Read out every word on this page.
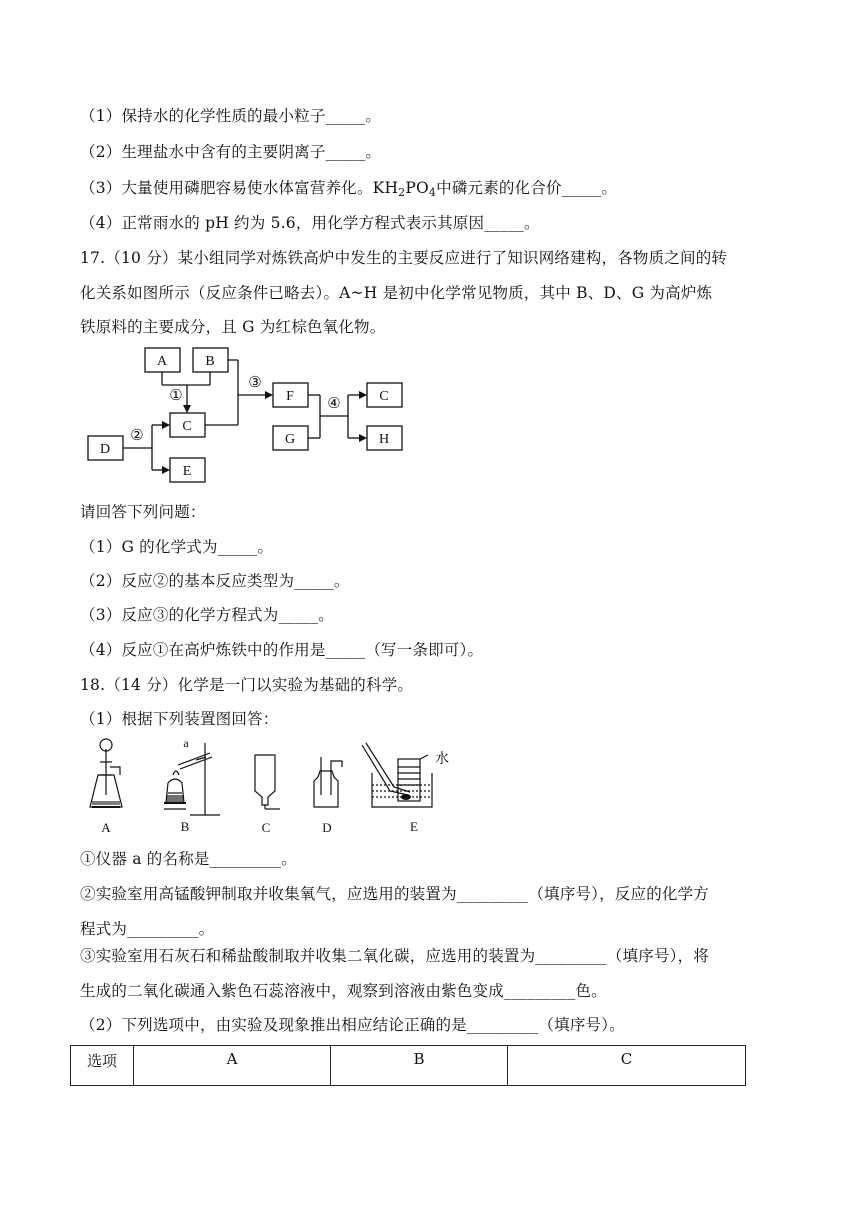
（1）保持水的化学性质的最小粒子_____。
（2）生理盐水中含有的主要阴离子_____。
（3）大量使用磷肥容易使水体富营养化。$KH_2PO_4$中磷元素的化合价_____。
（4）正常雨水的 pH 约为 5.6，用化学方程式表示其原因_____。
17.（10 分）某小组同学对炼铁高炉中发生的主要反应进行了知识网络建构，各物质之间的转
化关系如图所示（反应条件已略去）。A~H 是初中化学常见物质，其中 B、D、G 为高炉炼
铁原料的主要成分，且 G 为红棕色氧化物。
A	B
C
D
E
F
G
C
H
①
②
③
④
请回答下列问题：
（1）G 的化学式为_____。
（2）反应②的基本反应类型为_____。
（3）反应③的化学方程式为_____。
（4）反应①在高炉炼铁中的作用是_____（写一条即可）。
18.（14 分）化学是一门以实验为基础的科学。
（1）根据下列装置图回答：
A	B	C	D	E
a
水
①仪器 a 的名称是_________。
②实验室用高锰酸钾制取并收集氧气，应选用的装置为_________（填序号），反应的化学方
程式为_________。
③实验室用石灰石和稀盐酸制取并收集二氧化碳，应选用的装置为_________（填序号），将
生成的二氧化碳通入紫色石蕊溶液中，观察到溶液由紫色变成_________色。
（2）下列选项中，由实验及现象推出相应结论正确的是_________（填序号）。
选项	A	B	C
